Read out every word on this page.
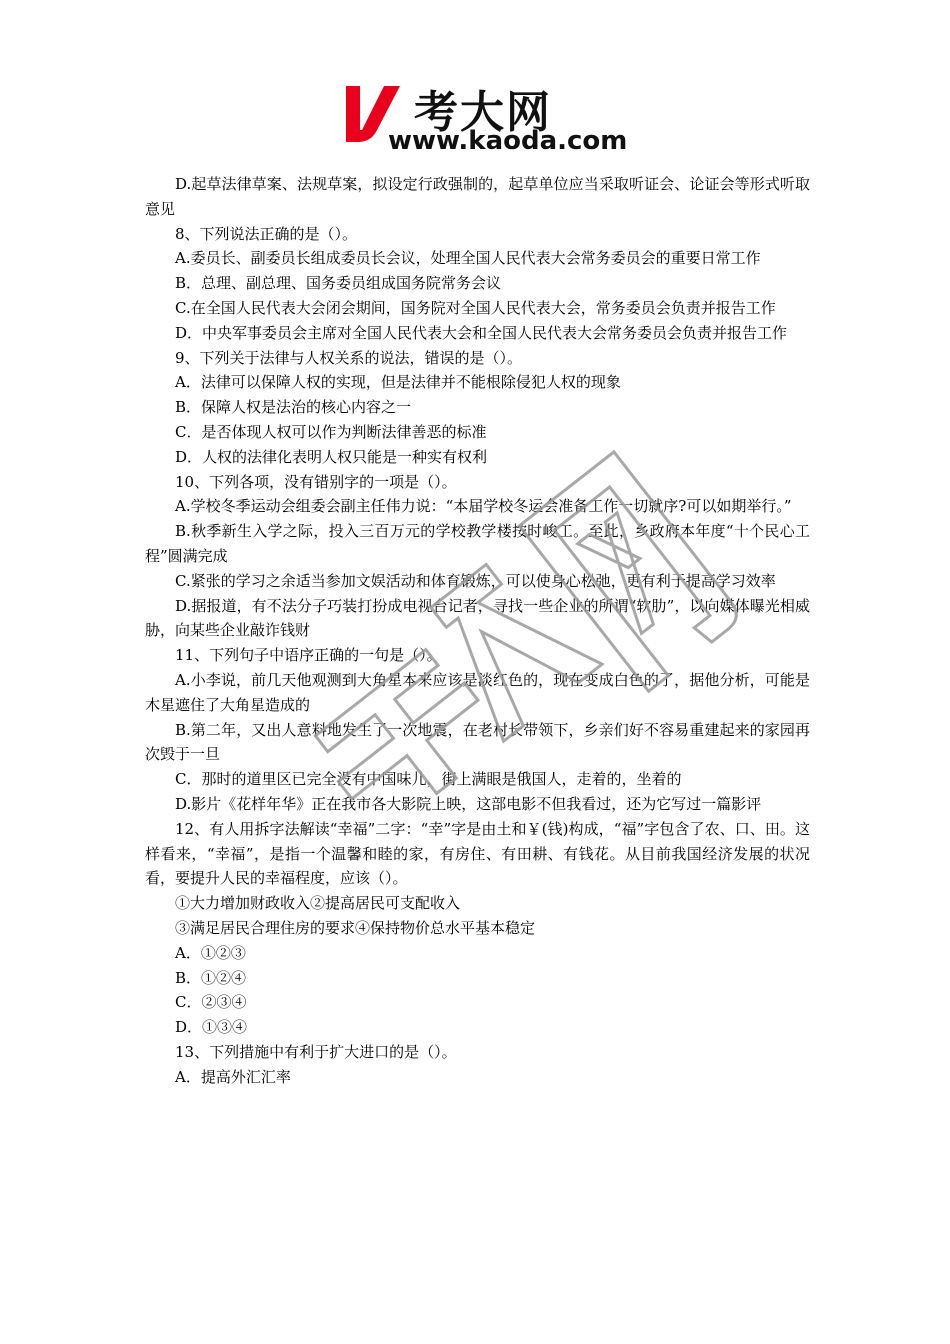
考大网
www.kaoda.com

D.起草法律草案、法规草案，拟设定行政强制的，起草单位应当采取听证会、论证会等形式听取意见

8、下列说法正确的是（）。

A.委员长、副委员长组成委员长会议，处理全国人民代表大会常务委员会的重要日常工作

B．总理、副总理、国务委员组成国务院常务会议

C.在全国人民代表大会闭会期间，国务院对全国人民代表大会，常务委员会负责并报告工作

D．中央军事委员会主席对全国人民代表大会和全国人民代表大会常务委员会负责并报告工作

9、下列关于法律与人权关系的说法，错误的是（）。

A．法律可以保障人权的实现，但是法律并不能根除侵犯人权的现象

B．保障人权是法治的核心内容之一

C．是否体现人权可以作为判断法律善恶的标准

D．人权的法律化表明人权只能是一种实有权利

10、下列各项，没有错别字的一项是（）。

A.学校冬季运动会组委会副主任伟力说：“本届学校冬运会准备工作一切就序?可以如期举行。”

B.秋季新生入学之际，投入三百万元的学校教学楼按时峻工。至此，乡政府本年度“十个民心工程”圆满完成

C.紧张的学习之余适当参加文娱活动和体育锻炼，可以使身心松弛，更有利于提高学习效率

D.据报道，有不法分子巧装打扮成电视台记者，寻找一些企业的所谓“软肋”，以向媒体曝光相威胁，向某些企业敲诈钱财

11、下列句子中语序正确的一句是（）。

A.小李说，前几天他观测到大角星本来应该是淡红色的，现在变成白色的了，据他分析，可能是木星遮住了大角星造成的

B.第二年，又出人意料地发生了一次地震，在老村长带领下，乡亲们好不容易重建起来的家园再次毁于一旦

C．那时的道里区已完全没有中国味儿，街上满眼是俄国人，走着的，坐着的

D.影片《花样年华》正在我市各大影院上映，这部电影不但我看过，还为它写过一篇影评

12、有人用拆字法解读“幸福”二字：“幸”字是由土和￥(钱)构成，“福”字包含了农、口、田。这样看来，“幸福”，是指一个温馨和睦的家，有房住、有田耕、有钱花。从目前我国经济发展的状况看，要提升人民的幸福程度，应该（）。

①大力增加财政收入②提高居民可支配收入

③满足居民合理住房的要求④保持物价总水平基本稳定

A．①②③

B．①②④

C．②③④

D．①③④

13、下列措施中有利于扩大进口的是（）。

A．提高外汇汇率
